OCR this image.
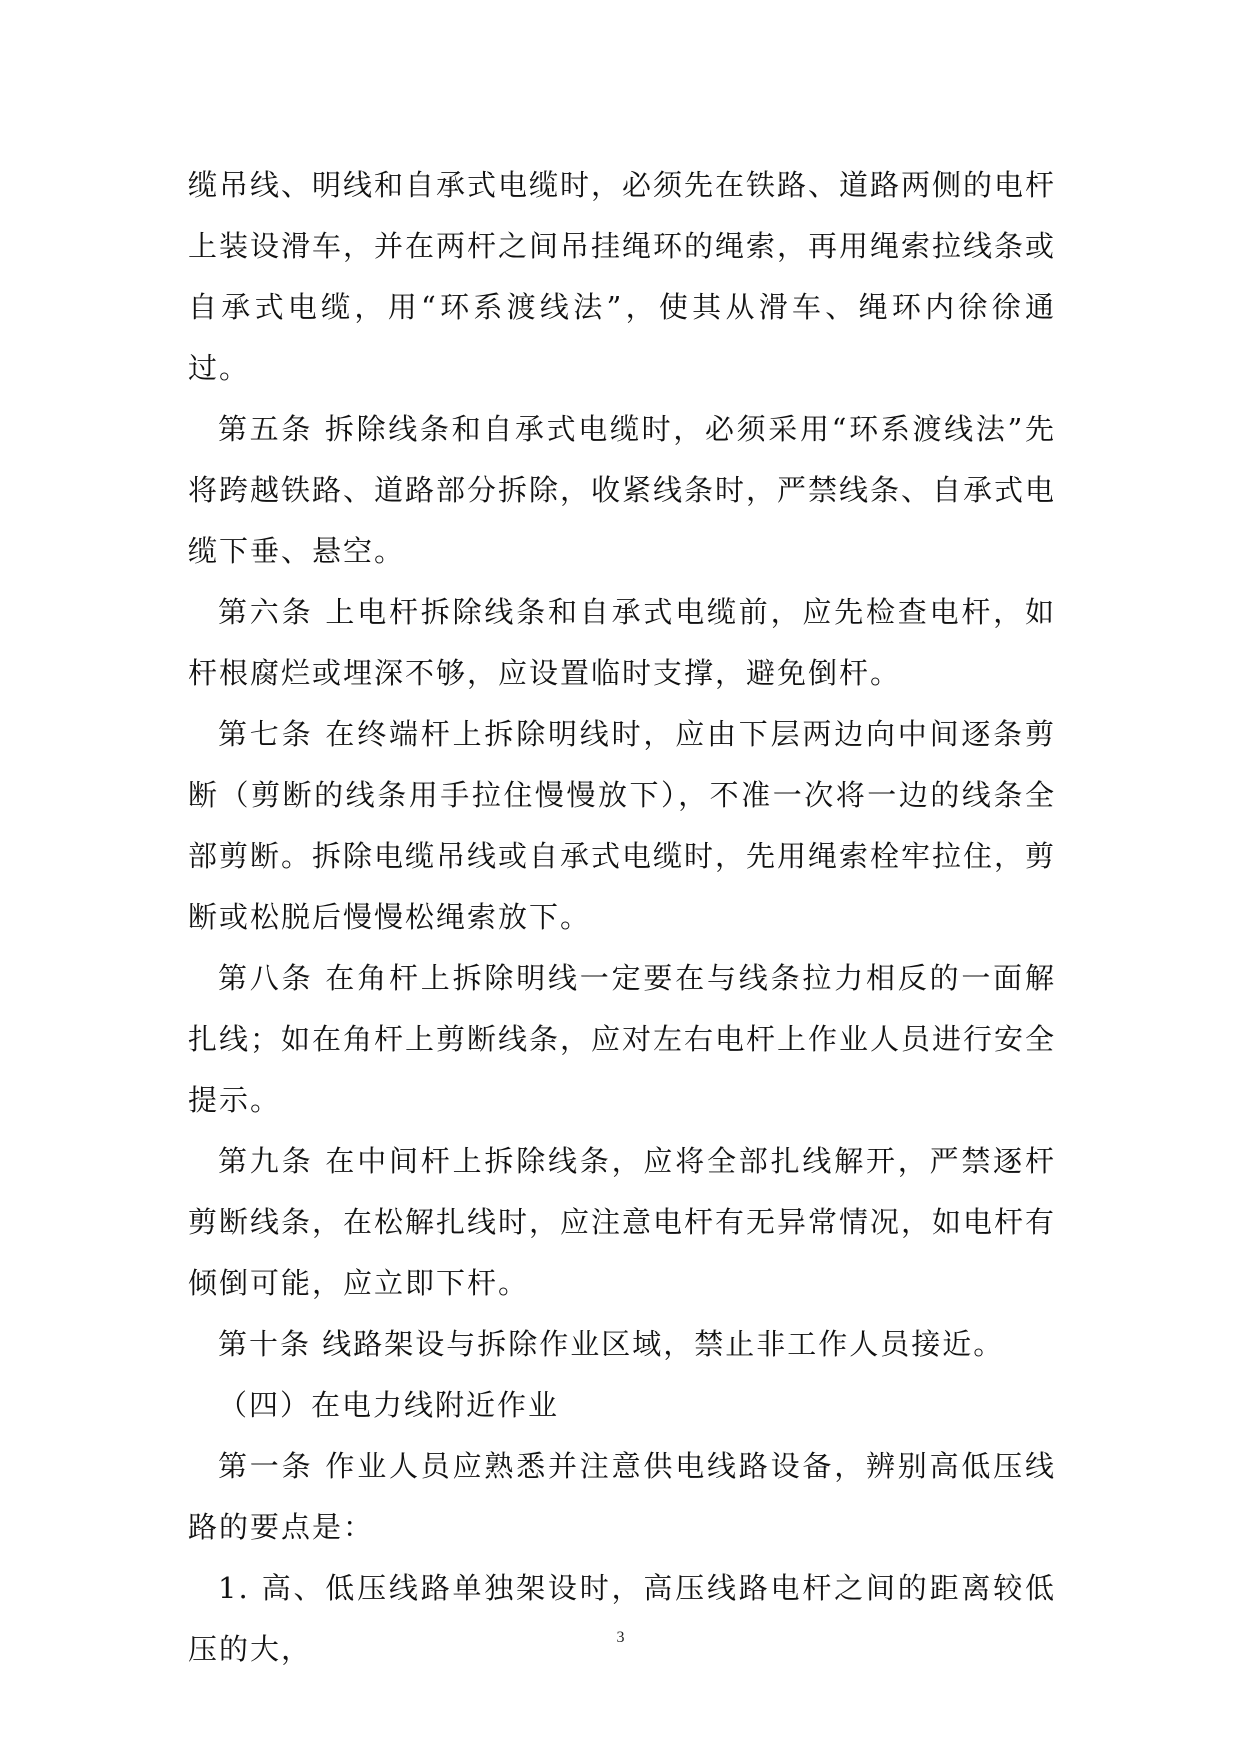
缆吊线、明线和自承式电缆时，必须先在铁路、道路两侧的电杆上装设滑车，并在两杆之间吊挂绳环的绳索，再用绳索拉线条或自承式电缆，用“环系渡线法”，使其从滑车、绳环内徐徐通过。

第五条 拆除线条和自承式电缆时，必须采用“环系渡线法”先将跨越铁路、道路部分拆除，收紧线条时，严禁线条、自承式电缆下垂、悬空。

第六条 上电杆拆除线条和自承式电缆前，应先检查电杆，如杆根腐烂或埋深不够，应设置临时支撑，避免倒杆。

第七条 在终端杆上拆除明线时，应由下层两边向中间逐条剪断（剪断的线条用手拉住慢慢放下），不准一次将一边的线条全部剪断。拆除电缆吊线或自承式电缆时，先用绳索栓牢拉住，剪断或松脱后慢慢松绳索放下。

第八条 在角杆上拆除明线一定要在与线条拉力相反的一面解扎线；如在角杆上剪断线条，应对左右电杆上作业人员进行安全提示。

第九条 在中间杆上拆除线条，应将全部扎线解开，严禁逐杆剪断线条，在松解扎线时，应注意电杆有无异常情况，如电杆有倾倒可能，应立即下杆。

第十条 线路架设与拆除作业区域，禁止非工作人员接近。

（四）在电力线附近作业

第一条 作业人员应熟悉并注意供电线路设备，辨别高低压线路的要点是：

1. 高、低压线路单独架设时，高压线路电杆之间的距离较低压的大，	3
